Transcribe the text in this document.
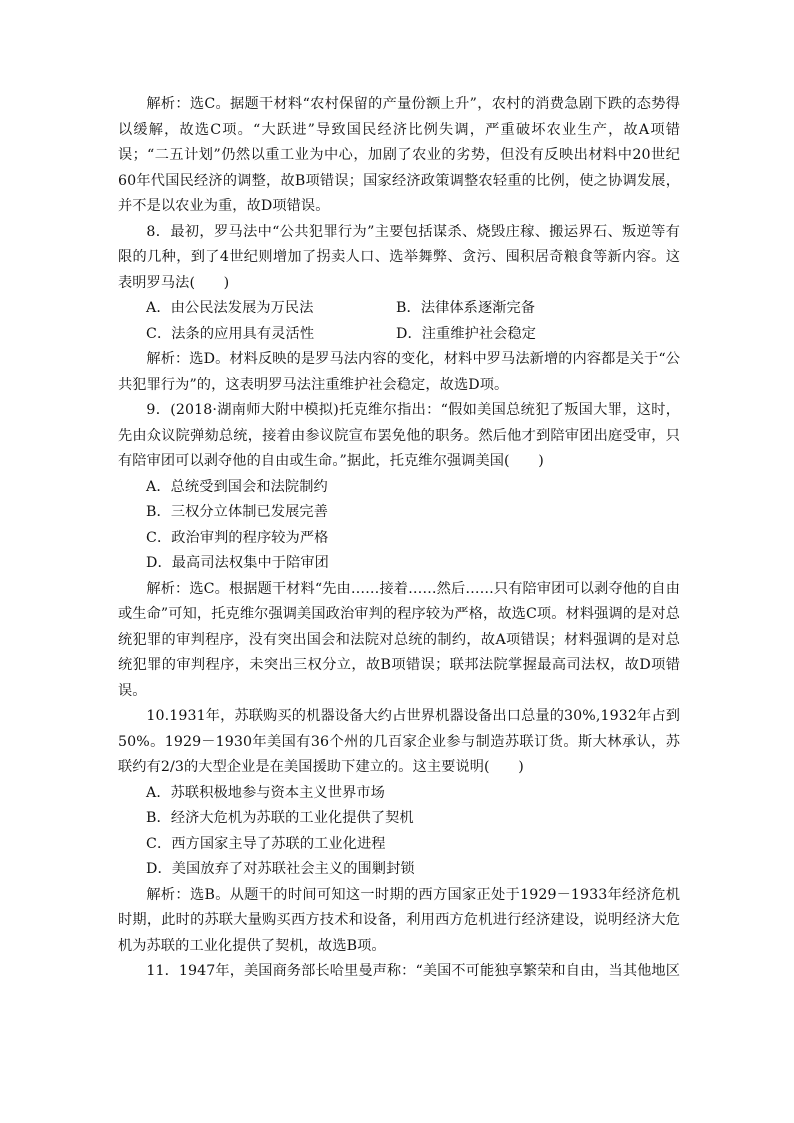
解析：选C。据题干材料“农村保留的产量份额上升”，农村的消费急剧下跌的态势得以缓解，故选C项。“大跃进”导致国民经济比例失调，严重破坏农业生产，故A项错误；“二五计划”仍然以重工业为中心，加剧了农业的劣势，但没有反映出材料中20世纪60年代国民经济的调整，故B项错误；国家经济政策调整农轻重的比例，使之协调发展，并不是以农业为重，故D项错误。

8．最初，罗马法中“公共犯罪行为”主要包括谋杀、烧毁庄稼、搬运界石、叛逆等有限的几种，到了4世纪则增加了拐卖人口、选举舞弊、贪污、囤积居奇粮食等新内容。这表明罗马法(　　)

A．由公民法发展为万民法	B．法律体系逐渐完备
C．法条的应用具有灵活性	D．注重维护社会稳定

解析：选D。材料反映的是罗马法内容的变化，材料中罗马法新增的内容都是关于“公共犯罪行为”的，这表明罗马法注重维护社会稳定，故选D项。

9．(2018·湖南师大附中模拟)托克维尔指出：“假如美国总统犯了叛国大罪，这时，先由众议院弹劾总统，接着由参议院宣布罢免他的职务。然后他才到陪审团出庭受审，只有陪审团可以剥夺他的自由或生命。”据此，托克维尔强调美国(　　)

A．总统受到国会和法院制约

B．三权分立体制已发展完善

C．政治审判的程序较为严格

D．最高司法权集中于陪审团

解析：选C。根据题干材料“先由……接着……然后……只有陪审团可以剥夺他的自由或生命”可知，托克维尔强调美国政治审判的程序较为严格，故选C项。材料强调的是对总统犯罪的审判程序，没有突出国会和法院对总统的制约，故A项错误；材料强调的是对总统犯罪的审判程序，未突出三权分立，故B项错误；联邦法院掌握最高司法权，故D项错误。

10.1931年，苏联购买的机器设备大约占世界机器设备出口总量的30%,1932年占到50%。1929－1930年美国有36个州的几百家企业参与制造苏联订货。斯大林承认，苏联约有2/3的大型企业是在美国援助下建立的。这主要说明(　　)

A．苏联积极地参与资本主义世界市场

B．经济大危机为苏联的工业化提供了契机

C．西方国家主导了苏联的工业化进程

D．美国放弃了对苏联社会主义的围剿封锁

解析：选B。从题干的时间可知这一时期的西方国家正处于1929－1933年经济危机时期，此时的苏联大量购买西方技术和设备，利用西方危机进行经济建设，说明经济大危机为苏联的工业化提供了契机，故选B项。

11．1947年，美国商务部长哈里曼声称：“美国不可能独享繁荣和自由，当其他地区
